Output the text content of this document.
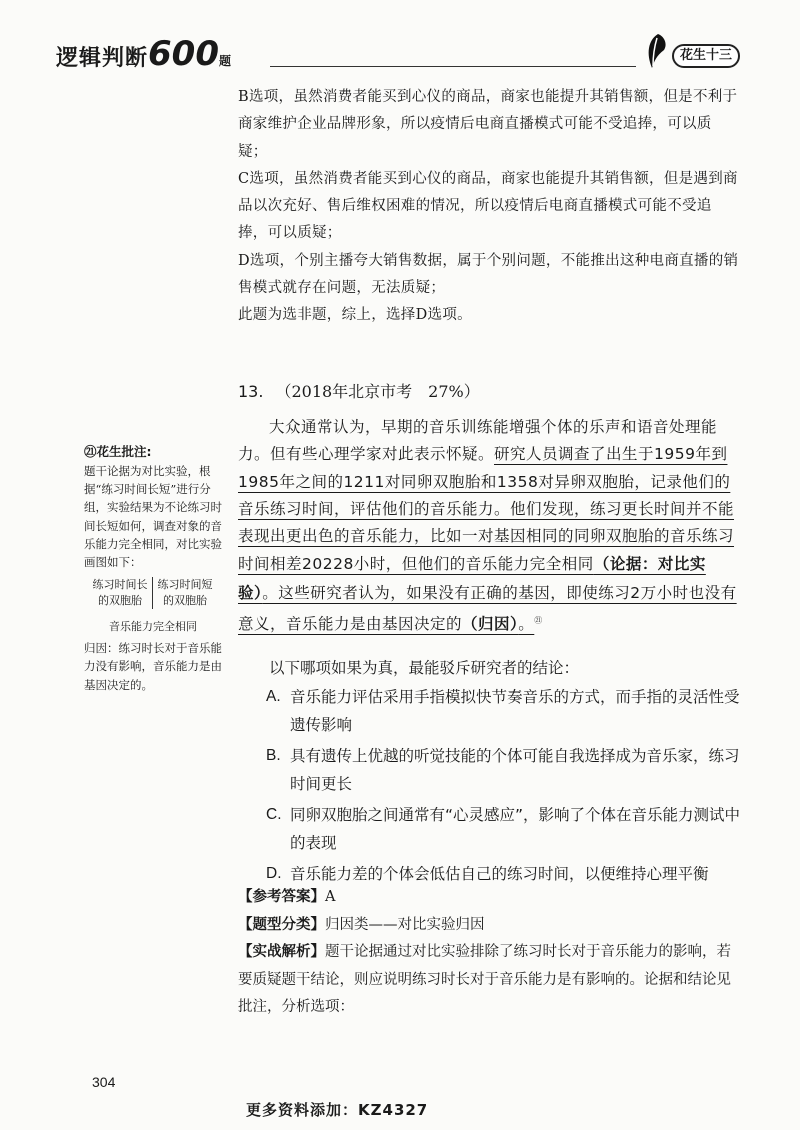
逻辑判断600题	花生十三

B选项，虽然消费者能买到心仪的商品，商家也能提升其销售额，但是不利于商家维护企业品牌形象，所以疫情后电商直播模式可能不受追捧，可以质疑；

C选项，虽然消费者能买到心仪的商品，商家也能提升其销售额，但是遇到商品以次充好、售后维权困难的情况，所以疫情后电商直播模式可能不受追捧，可以质疑；

D选项，个别主播夸大销售数据，属于个别问题，不能推出这种电商直播的销售模式就存在问题，无法质疑；

此题为选非题，综上，选择D选项。

13. （2018年北京市考　27%）

大众通常认为，早期的音乐训练能增强个体的乐声和语音处理能力。但有些心理学家对此表示怀疑。研究人员调查了出生于1959年到1985年之间的1211对同卵双胞胎和1358对异卵双胞胎，记录他们的音乐练习时间，评估他们的音乐能力。他们发现，练习更长时间并不能表现出更出色的音乐能力，比如一对基因相同的同卵双胞胎的音乐练习时间相差20228小时，但他们的音乐能力完全相同（论据：对比实验）。这些研究者认为，如果没有正确的基因，即使练习2万小时也没有意义，音乐能力是由基因决定的（归因）。$^㉑$

以下哪项如果为真，最能驳斥研究者的结论：

A. 音乐能力评估采用手指模拟快节奏音乐的方式，而手指的灵活性受遗传影响
B. 具有遗传上优越的听觉技能的个体可能自我选择成为音乐家，练习时间更长
C. 同卵双胞胎之间通常有“心灵感应”，影响了个体在音乐能力测试中的表现
D. 音乐能力差的个体会低估自己的练习时间，以便维持心理平衡

【参考答案】A

【题型分类】归因类——对比实验归因

【实战解析】题干论据通过对比实验排除了练习时长对于音乐能力的影响，若要质疑题干结论，则应说明练习时长对于音乐能力是有影响的。论据和结论见批注，分析选项：

㉑花生批注:

题干论据为对比实验，根据“练习时间长短”进行分组，实验结果为不论练习时间长短如何，调查对象的音乐能力完全相同，对比实验画图如下：

练习时间长的双胞胎
练习时间短的双胞胎

音乐能力完全相同

归因：练习时长对于音乐能力没有影响，音乐能力是由基因决定的。

304
更多资料添加：KZ4327
